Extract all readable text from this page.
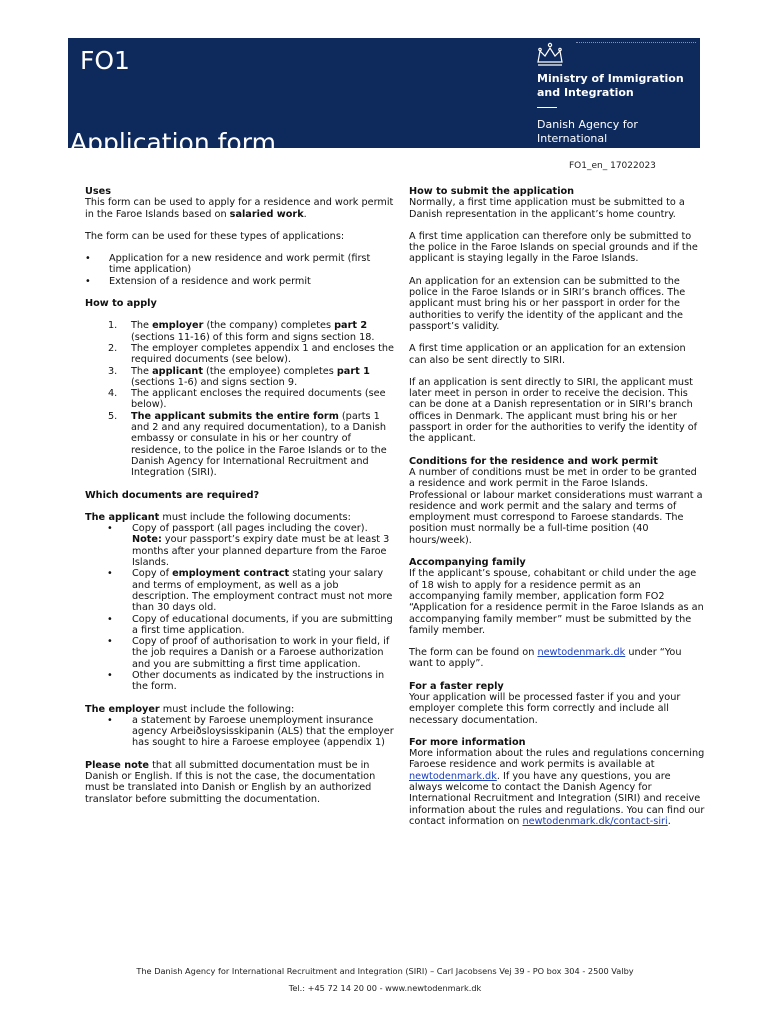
FO1
Application form
Ministry of Immigration
and Integration
Danish Agency for International
Recruitment and Integration
FO1_en_ 17022023

Uses

This form can be used to apply for a residence and work permit in the Faroe Islands based on salaried work.

The form can be used for these types of applications:

• Application for a new residence and work permit (first time application)
• Extension of a residence and work permit

How to apply

1. The employer (the company) completes part 2 (sections 11-16) of this form and signs section 18.
2. The employer completes appendix 1 and encloses the required documents (see below).
3. The applicant (the employee) completes part 1 (sections 1-6) and signs section 9.
4. The applicant encloses the required documents (see below).
5. The applicant submits the entire form (parts 1 and 2 and any required documentation), to a Danish embassy or consulate in his or her country of residence, to the police in the Faroe Islands or to the Danish Agency for International Recruitment and Integration (SIRI).

Which documents are required?

The applicant must include the following documents:

• Copy of passport (all pages including the cover).
Note: your passport’s expiry date must be at least 3 months after your planned departure from the Faroe Islands.
• Copy of employment contract stating your salary and terms of employment, as well as a job description. The employment contract must not more than 30 days old.
• Copy of educational documents, if you are submitting a first time application.
• Copy of proof of authorisation to work in your field, if the job requires a Danish or a Faroese authorization and you are submitting a first time application.
• Other documents as indicated by the instructions in the form.

The employer must include the following:

• a statement by Faroese unemployment insurance agency Arbeiðsloysisskipanin (ALS) that the employer has sought to hire a Faroese employee (appendix 1)

Please note that all submitted documentation must be in Danish or English. If this is not the case, the documentation must be translated into Danish or English by an authorized translator before submitting the documentation.

How to submit the application

Normally, a first time application must be submitted to a Danish representation in the applicant’s home country.

A first time application can therefore only be submitted to the police in the Faroe Islands on special grounds and if the applicant is staying legally in the Faroe Islands.

An application for an extension can be submitted to the police in the Faroe Islands or in SIRI’s branch offices. The applicant must bring his or her passport in order for the authorities to verify the identity of the applicant and the passport’s validity.

A first time application or an application for an extension can also be sent directly to SIRI.

If an application is sent directly to SIRI, the applicant must later meet in person in order to receive the decision. This can be done at a Danish representation or in SIRI’s branch offices in Denmark. The applicant must bring his or her passport in order for the authorities to verify the identity of the applicant.

Conditions for the residence and work permit

A number of conditions must be met in order to be granted a residence and work permit in the Faroe Islands. Professional or labour market considerations must warrant a residence and work permit and the salary and terms of employment must correspond to Faroese standards. The position must normally be a full-time position (40 hours/week).

Accompanying family

If the applicant’s spouse, cohabitant or child under the age of 18 wish to apply for a residence permit as an accompanying family member, application form FO2 “Application for a residence permit in the Faroe Islands as an accompanying family member” must be submitted by the family member.

The form can be found on newtodenmark.dk under “You want to apply”.

For a faster reply

Your application will be processed faster if you and your employer complete this form correctly and include all necessary documentation.

For more information

More information about the rules and regulations concerning Faroese residence and work permits is available at newtodenmark.dk. If you have any questions, you are always welcome to contact the Danish Agency for International Recruitment and Integration (SIRI) and receive information about the rules and regulations. You can find our contact information on newtodenmark.dk/contact-siri.

The Danish Agency for International Recruitment and Integration (SIRI) – Carl Jacobsens Vej 39 - PO box 304 - 2500 Valby
Tel.: +45 72 14 20 00 - www.newtodenmark.dk
